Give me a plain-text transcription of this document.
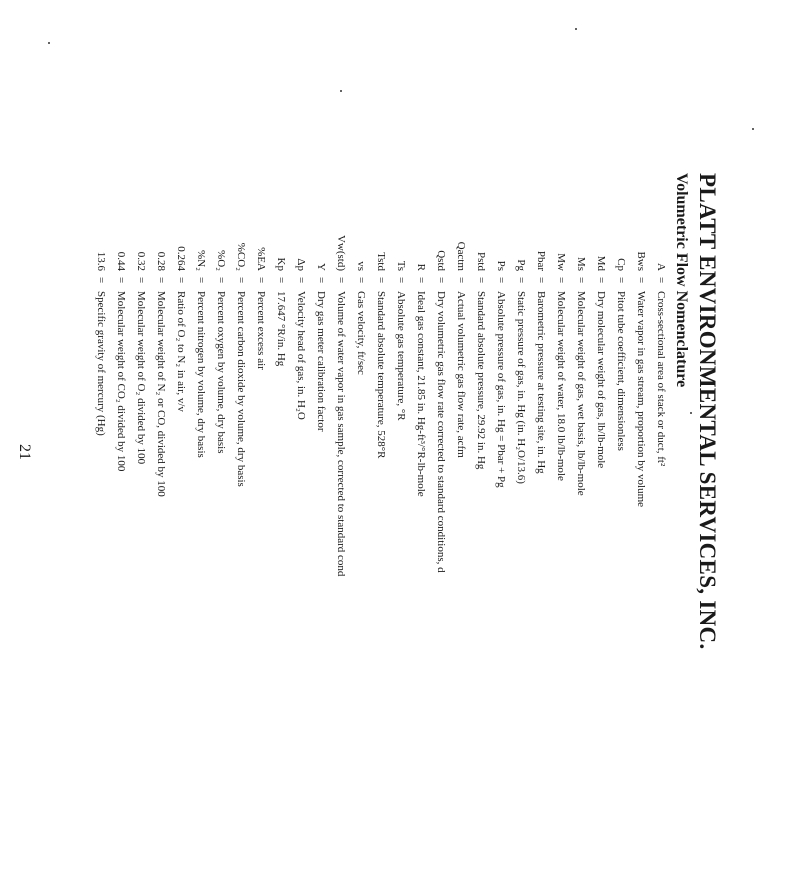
PLATT ENVIRONMENTAL SERVICES, INC.
Volumetric Flow Nomenclature
A
=
Cross-sectional area of stack or duct, ft²
Bws
=
Water vapor in gas stream, proportion by volume
Cp
=
Pitot tube coefficient, dimensionless
Md
=
Dry molecular weight of gas, lb/lb-mole
Ms
=
Molecular weight of gas, wet basis, lb/lb-mole
Mw
=
Molecular weight of water, 18.0 lb/lb-mole
Pbar
=
Barometric pressure at testing site, in. Hg
Pg
=
Static pressure of gas, in. Hg (in. H₂O/13.6)
Ps
=
Absolute pressure of gas, in. Hg = Pbar + Pg
Pstd
=
Standard absolute pressure, 29.92 in. Hg
Qactm
=
Actual volumetric gas flow rate, acfm
Qstd
=
Dry volumetric gas flow rate corrected to standard conditions, d
R
=
Ideal gas constant, 21.85 in. Hg-ft³/°R-lb-mole
Ts
=
Absolute gas temperature, °R
Tstd
=
Standard absolute temperature, 528°R
vs
=
Gas velocity, ft/sec
Vw(std)
=
Volume of water vapor in gas sample, corrected to standard cond
Y
=
Dry gas meter calibration factor
Δp
=
Velocity head of gas, in. H₂O
Kp
=
17.647 °R/in. Hg
%EA
=
Percent excess air
%CO₂
=
Percent carbon dioxide by volume, dry basis
%O₂
=
Percent oxygen by volume, dry basis
%N₂
=
Percent nitrogen by volume, dry basis
0.264
=
Ratio of O₂ to N₂ in air, v/v
0.28
=
Molecular weight of N₂ or CO, divided by 100
0.32
=
Molecular weight of O₂ divided by 100
0.44
=
Molecular weight of CO₂ divided by 100
13.6
=
Specific gravity of mercury (Hg)
21
